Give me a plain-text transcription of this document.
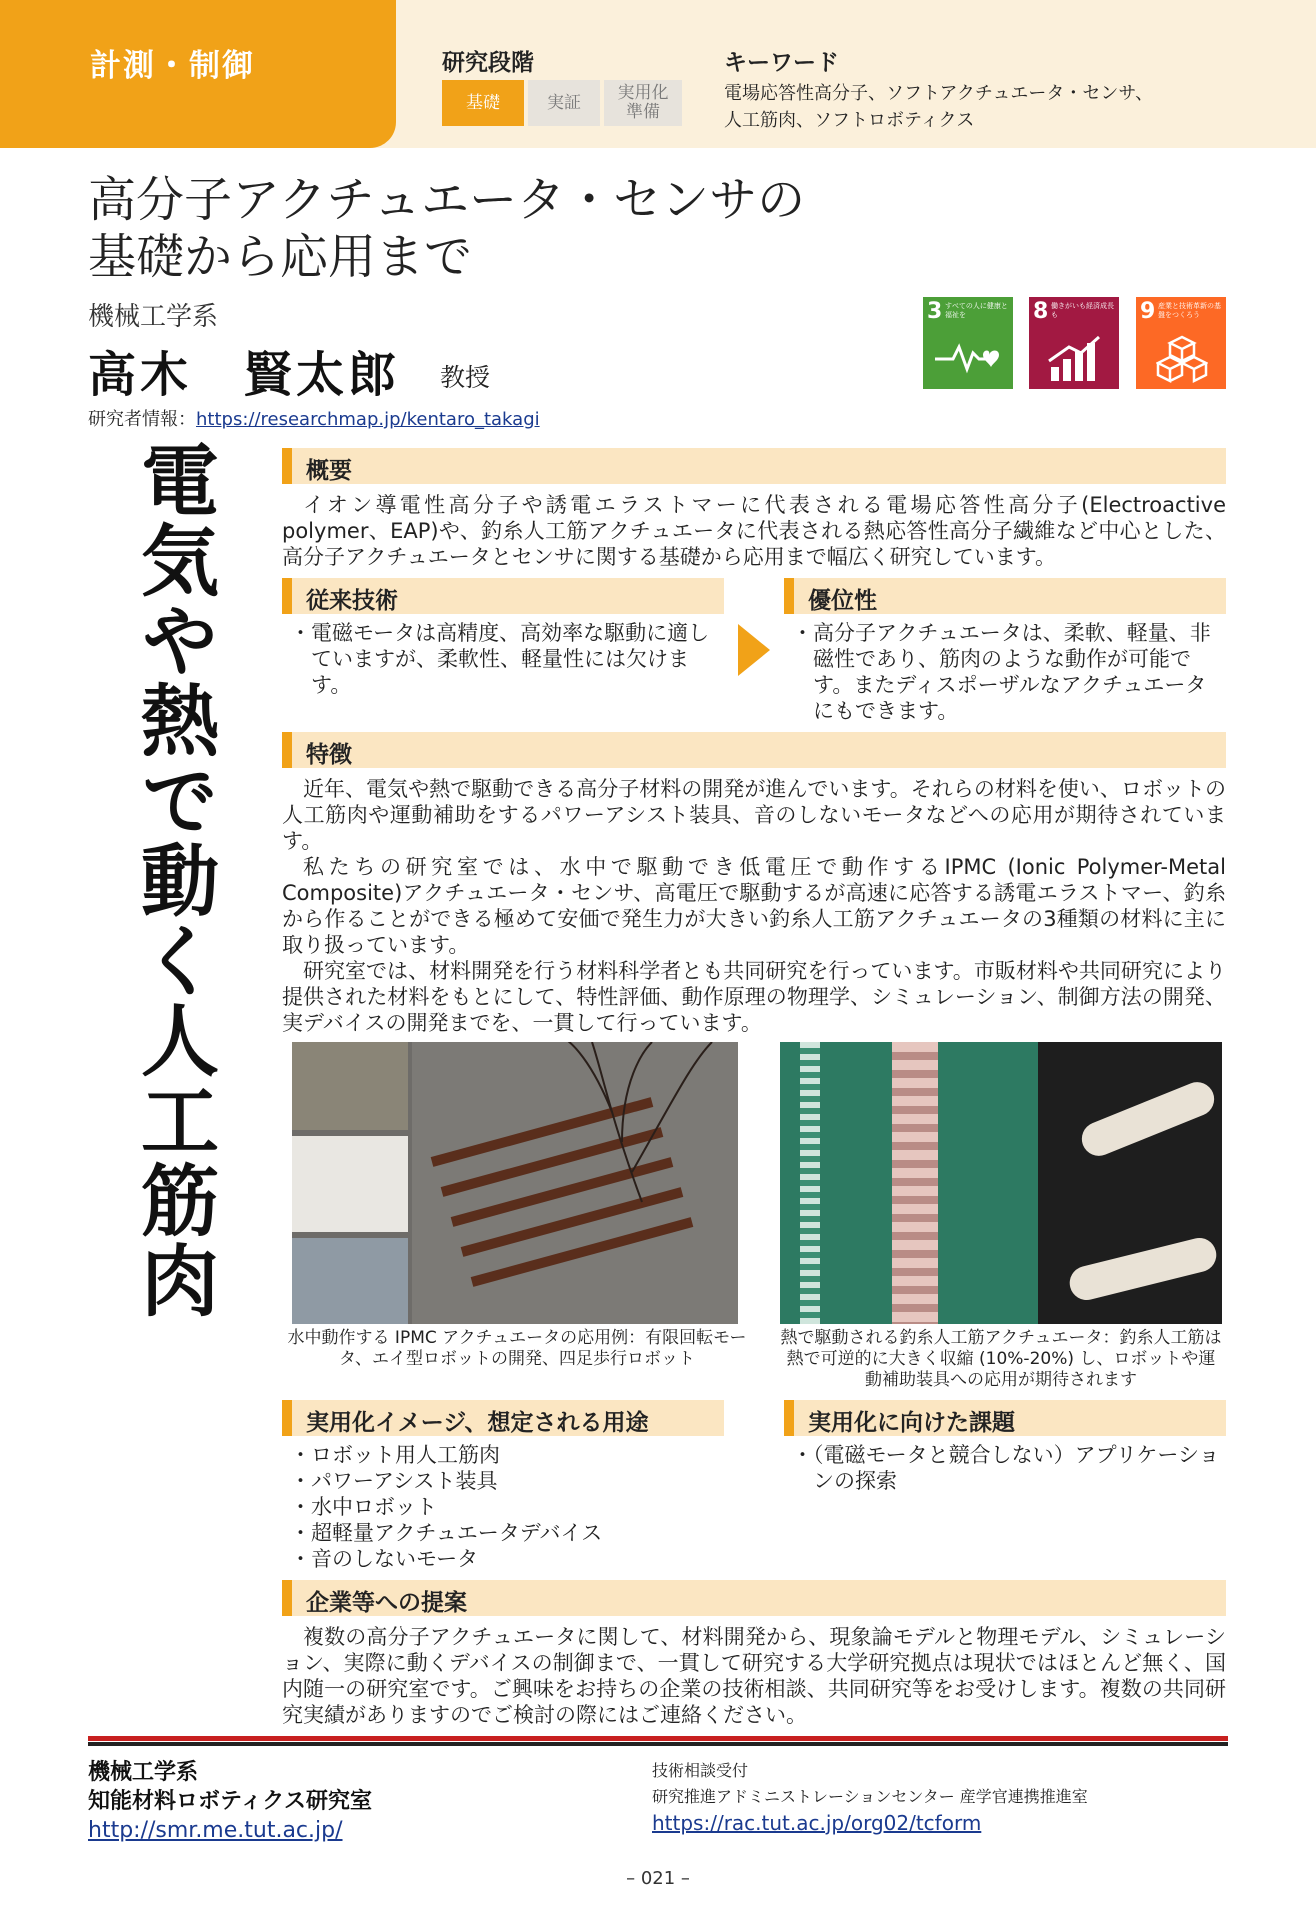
計測・制御	研究段階
基礎	実証	実用化
準備
キーワード
電場応答性高分子、ソフトアクチュエータ・センサ、
人工筋肉、ソフトロボティクス
高分子アクチュエータ・センサの
基礎から応用まで
機械工学系
高木　賢太郎 教授
3 すべての人に健康と福祉を	8 働きがいも経済成長も	9 産業と技術革新の基盤をつくろう
研究者情報：https://researchmap.jp/kentaro_takagi
電気や熱で動く人工筋肉	概要

イオン導電性高分子や誘電エラストマーに代表される電場応答性高分子(Electroactive polymer、EAP)や、釣糸人工筋アクチュエータに代表される熱応答性高分子繊維など中心とした、高分子アクチュエータとセンサに関する基礎から応用まで幅広く研究しています。

従来技術
・電磁モータは高精度、高効率な駆動に適していますが、柔軟性、軽量性には欠けます。
優位性
・高分子アクチュエータは、柔軟、軽量、非磁性であり、筋肉のような動作が可能です。またディスポーザルなアクチュエータにもできます。
特徴

近年、電気や熱で駆動できる高分子材料の開発が進んでいます。それらの材料を使い、ロボットの人工筋肉や運動補助をするパワーアシスト装具、音のしないモータなどへの応用が期待されています。

私たちの研究室では、水中で駆動でき低電圧で動作するIPMC (Ionic Polymer-Metal Composite)アクチュエータ・センサ、高電圧で駆動するが高速に応答する誘電エラストマー、釣糸から作ることができる極めて安価で発生力が大きい釣糸人工筋アクチュエータの3種類の材料に主に取り扱っています。

研究室では、材料開発を行う材料科学者とも共同研究を行っています。市販材料や共同研究により提供された材料をもとにして、特性評価、動作原理の物理学、シミュレーション、制御方法の開発、実デバイスの開発までを、一貫して行っています。

水中動作する IPMC アクチュエータの応用例：有限回転モータ、エイ型ロボットの開発、四足歩行ロボット
熱で駆動される釣糸人工筋アクチュエータ：釣糸人工筋は熱で可逆的に大きく収縮 (10%-20%) し、ロボットや運動補助装具への応用が期待されます
実用化イメージ、想定される用途
・ロボット用人工筋肉
・パワーアシスト装具
・水中ロボット
・超軽量アクチュエータデバイス
・音のしないモータ
実用化に向けた課題
・（電磁モータと競合しない）アプリケーションの探索
企業等への提案

複数の高分子アクチュエータに関して、材料開発から、現象論モデルと物理モデル、シミュレーション、実際に動くデバイスの制御まで、一貫して研究する大学研究拠点は現状ではほとんど無く、国内随一の研究室です。ご興味をお持ちの企業の技術相談、共同研究等をお受けします。複数の共同研究実績がありますのでご検討の際にはご連絡ください。

機械工学系
知能材料ロボティクス研究室
http://smr.me.tut.ac.jp/
技術相談受付
研究推進アドミニストレーションセンター 産学官連携推進室
https://rac.tut.ac.jp/org02/tcform
– 021 –
